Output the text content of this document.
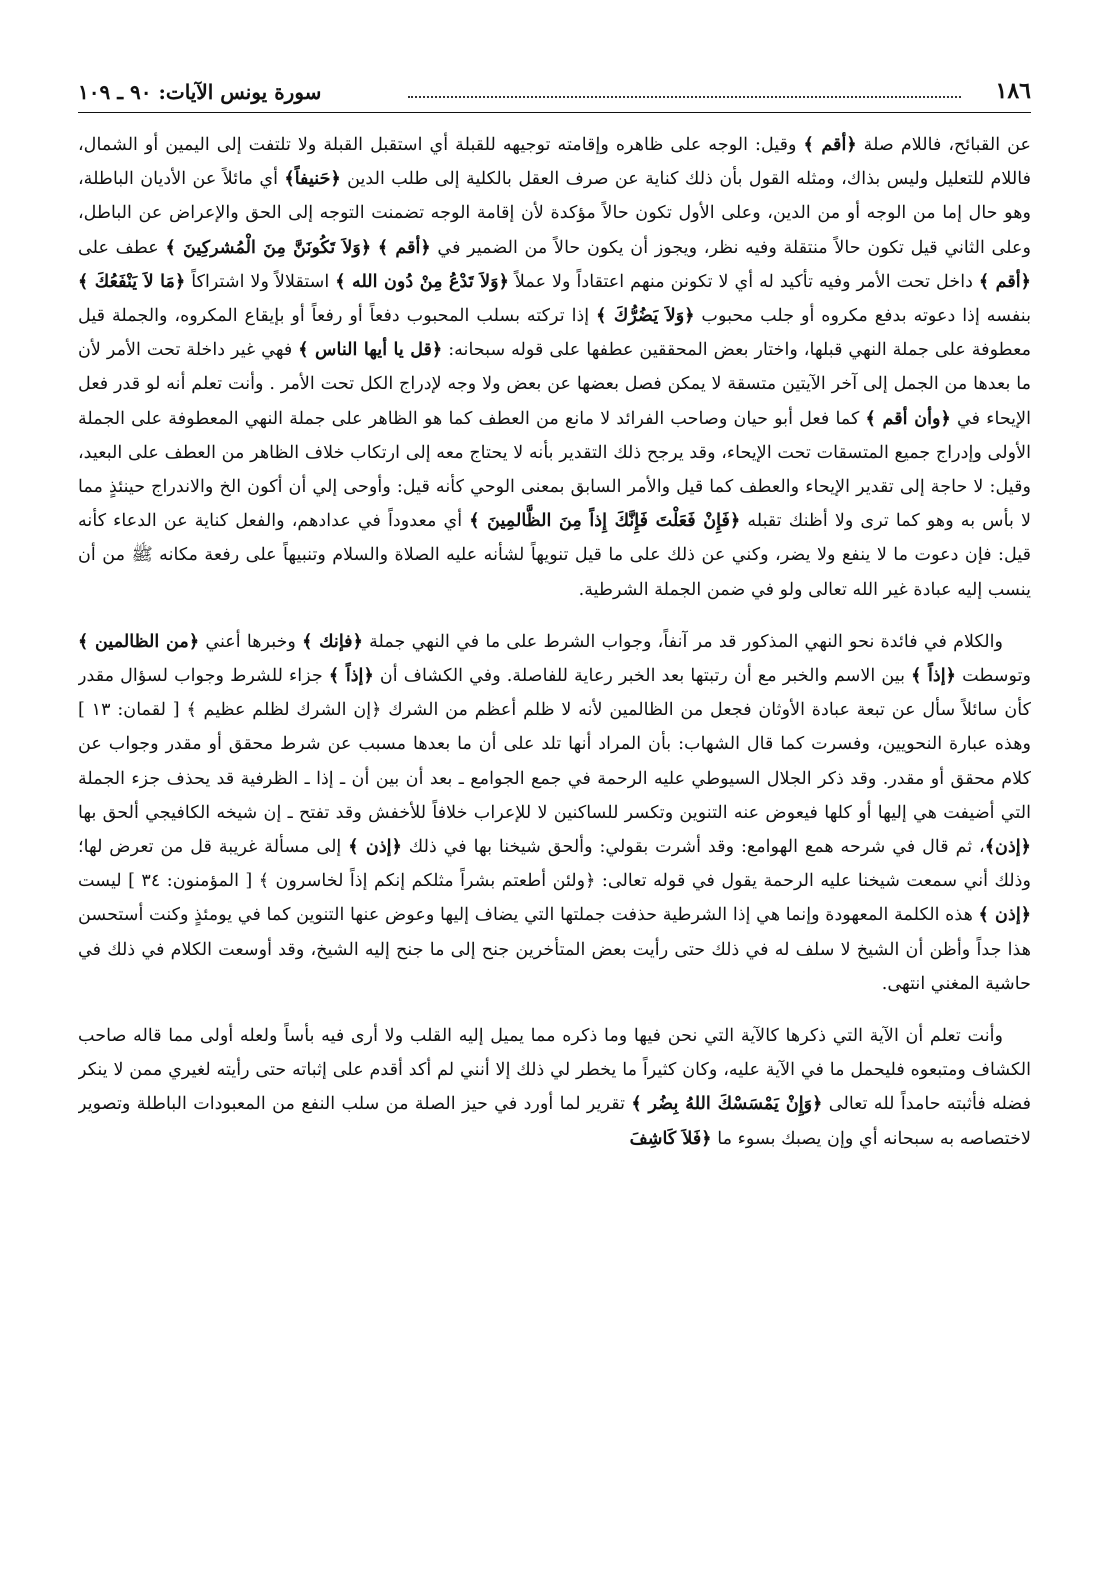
١٨٦
سورة يونس الآيات: ٩٠ ـ ١٠٩

عن القبائح، فاللام صلة ﴿أقم ﴾ وقيل: الوجه على ظاهره وإقامته توجيهه للقبلة أي استقبل القبلة ولا تلتفت إلى اليمين أو الشمال، فاللام للتعليل وليس بذاك، ومثله القول بأن ذلك كناية عن صرف العقل بالكلية إلى طلب الدين ﴿حَنيفاً﴾ أي مائلاً عن الأديان الباطلة، وهو حال إما من الوجه أو من الدين، وعلى الأول تكون حالاً مؤكدة لأن إقامة الوجه تضمنت التوجه إلى الحق والإعراض عن الباطل، وعلى الثاني قيل تكون حالاً منتقلة وفيه نظر، ويجوز أن يكون حالاً من الضمير في ﴿أقم ﴾ ﴿وَلاَ تَكُونَنَّ مِنَ الْمُشركِينَ ﴾ عطف على ﴿أقم ﴾ داخل تحت الأمر وفيه تأكيد له أي لا تكونن منهم اعتقاداً ولا عملاً ﴿وَلاَ تَدْعُ مِنْ دُون الله ﴾ استقلالاً ولا اشتراكاً ﴿مَا لاَ يَنْفَعُكَ ﴾ بنفسه إذا دعوته بدفع مكروه أو جلب محبوب ﴿وَلاَ يَضُرُّكَ ﴾ إذا تركته بسلب المحبوب دفعاً أو رفعاً أو بإيقاع المكروه، والجملة قيل معطوفة على جملة النهي قبلها، واختار بعض المحققين عطفها على قوله سبحانه: ﴿قل يا أيها الناس ﴾ فهي غير داخلة تحت الأمر لأن ما بعدها من الجمل إلى آخر الآيتين متسقة لا يمكن فصل بعضها عن بعض ولا وجه لإدراج الكل تحت الأمر . وأنت تعلم أنه لو قدر فعل الإيحاء في ﴿وأن أقم ﴾ كما فعل أبو حيان وصاحب الفرائد لا مانع من العطف كما هو الظاهر على جملة النهي المعطوفة على الجملة الأولى وإدراج جميع المتسقات تحت الإيحاء، وقد يرجح ذلك التقدير بأنه لا يحتاج معه إلى ارتكاب خلاف الظاهر من العطف على البعيد، وقيل: لا حاجة إلى تقدير الإيحاء والعطف كما قيل والأمر السابق بمعنى الوحي كأنه قيل: وأوحى إلي أن أكون الخ والاندراج حينئذٍ مما لا بأس به وهو كما ترى ولا أظنك تقبله ﴿فَإِنْ فَعَلْتَ فَإِنَّكَ إِذاً مِنَ الظَّالمِينَ ﴾ أي معدوداً في عدادهم، والفعل كناية عن الدعاء كأنه قيل: فإن دعوت ما لا ينفع ولا يضر، وكني عن ذلك على ما قيل تنويهاً لشأنه عليه الصلاة والسلام وتنبيهاً على رفعة مكانه ﷺ من أن ينسب إليه عبادة غير الله تعالى ولو في ضمن الجملة الشرطية.

والكلام في فائدة نحو النهي المذكور قد مر آنفاً، وجواب الشرط على ما في النهي جملة ﴿فإنك ﴾ وخبرها أعني ﴿من الظالمين ﴾ وتوسطت ﴿إذاً ﴾ بين الاسم والخبر مع أن رتبتها بعد الخبر رعاية للفاصلة. وفي الكشاف أن ﴿إذاً ﴾ جزاء للشرط وجواب لسؤال مقدر كأن سائلاً سأل عن تبعة عبادة الأوثان فجعل من الظالمين لأنه لا ظلم أعظم من الشرك ﴿إن الشرك لظلم عظيم ﴾ [ لقمان: ١٣ ] وهذه عبارة النحويين، وفسرت كما قال الشهاب: بأن المراد أنها تلد على أن ما بعدها مسبب عن شرط محقق أو مقدر وجواب عن كلام محقق أو مقدر. وقد ذكر الجلال السيوطي عليه الرحمة في جمع الجوامع ـ بعد أن بين أن ـ إذا ـ الظرفية قد يحذف جزء الجملة التي أضيفت هي إليها أو كلها فيعوض عنه التنوين وتكسر للساكنين لا للإعراب خلافاً للأخفش وقد تفتح ـ إن شيخه الكافيجي ألحق بها ﴿إذن﴾، ثم قال في شرحه همع الهوامع: وقد أشرت بقولي: وألحق شيخنا بها في ذلك ﴿إذن ﴾ إلى مسألة غريبة قل من تعرض لها؛ وذلك أني سمعت شيخنا عليه الرحمة يقول في قوله تعالى: ﴿ولئن أطعتم بشراً مثلكم إنكم إذاً لخاسرون ﴾ [ المؤمنون: ٣٤ ] ليست ﴿إذن ﴾ هذه الكلمة المعهودة وإنما هي إذا الشرطية حذفت جملتها التي يضاف إليها وعوض عنها التنوين كما في يومئذٍ وكنت أستحسن هذا جداً وأظن أن الشيخ لا سلف له في ذلك حتى رأيت بعض المتأخرين جنح إلى ما جنح إليه الشيخ، وقد أوسعت الكلام في ذلك في حاشية المغني انتهى.

وأنت تعلم أن الآية التي ذكرها كالآية التي نحن فيها وما ذكره مما يميل إليه القلب ولا أرى فيه بأساً ولعله أولى مما قاله صاحب الكشاف ومتبعوه فليحمل ما في الآية عليه، وكان كثيراً ما يخطر لي ذلك إلا أنني لم أكد أقدم على إثباته حتى رأيته لغيري ممن لا ينكر فضله فأثبته حامداً لله تعالى ﴿وَإِنْ يَمْسَسْكَ اللهُ بِضُر ﴾ تقرير لما أورد في حيز الصلة من سلب النفع من المعبودات الباطلة وتصوير لاختصاصه به سبحانه أي وإن يصبك بسوء ما ﴿فَلاَ كَاشِفَ
